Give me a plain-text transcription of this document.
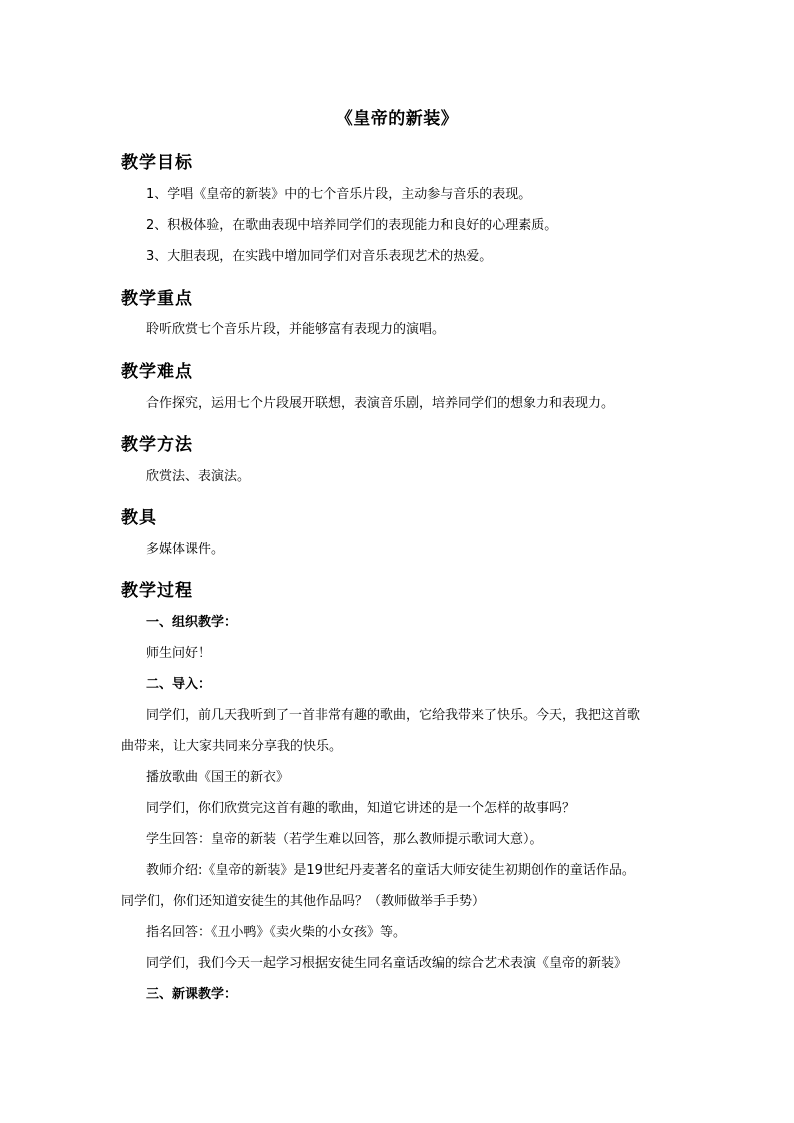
《皇帝的新装》
教学目标
1、学唱《皇帝的新装》中的七个音乐片段，主动参与音乐的表现。
2、积极体验，在歌曲表现中培养同学们的表现能力和良好的心理素质。
3、大胆表现，在实践中增加同学们对音乐表现艺术的热爱。
教学重点
聆听欣赏七个音乐片段，并能够富有表现力的演唱。
教学难点
合作探究，运用七个片段展开联想，表演音乐剧，培养同学们的想象力和表现力。
教学方法
欣赏法、表演法。
教具
多媒体课件。
教学过程
一、组织教学：
师生问好！
二、导入：
同学们，前几天我听到了一首非常有趣的歌曲，它给我带来了快乐。今天，我把这首歌
曲带来，让大家共同来分享我的快乐。
播放歌曲《国王的新衣》
同学们，你们欣赏完这首有趣的歌曲，知道它讲述的是一个怎样的故事吗？
学生回答：皇帝的新装（若学生难以回答，那么教师提示歌词大意）。
教师介绍:《皇帝的新装》是19世纪丹麦著名的童话大师安徒生初期创作的童话作品。
同学们，你们还知道安徒生的其他作品吗？（教师做举手手势）
指名回答：《丑小鸭》《卖火柴的小女孩》等。
同学们，我们今天一起学习根据安徒生同名童话改编的综合艺术表演《皇帝的新装》
三、新课教学：
